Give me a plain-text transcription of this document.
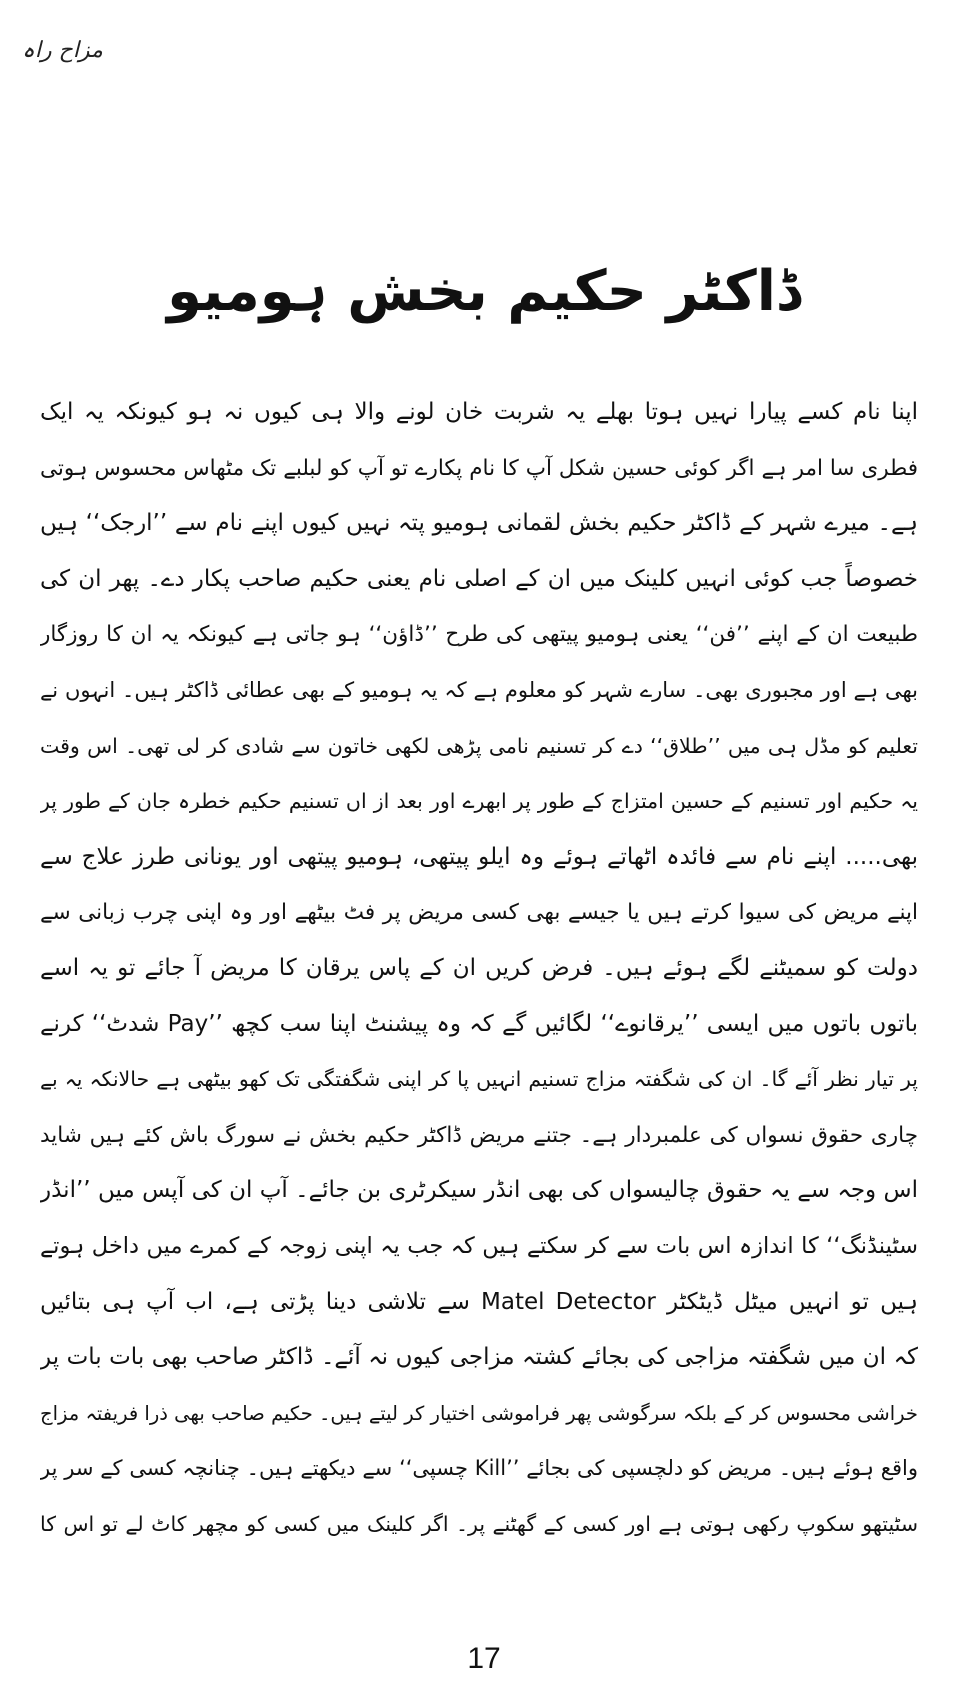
مزاح راہ
ڈاکٹر حکیم بخش ہومیو
اپنا نام کسے پیارا نہیں ہوتا بھلے یہ شربت خان لونے والا ہی کیوں نہ ہو کیونکہ یہ ایک
فطری سا امر ہے اگر کوئی حسین شکل آپ کا نام پکارے تو آپ کو لبلبے تک مٹھاس محسوس ہوتی
ہے۔ میرے شہر کے ڈاکٹر حکیم بخش لقمانی ہومیو پتہ نہیں کیوں اپنے نام سے ’’ارجک‘‘ ہیں
خصوصاً جب کوئی انہیں کلینک میں ان کے اصلی نام یعنی حکیم صاحب پکار دے۔ پھر ان کی
طبیعت ان کے اپنے ’’فن‘‘ یعنی ہومیو پیتھی کی طرح ’’ڈاؤن‘‘ ہو جاتی ہے کیونکہ یہ ان کا روزگار
بھی ہے اور مجبوری بھی۔ سارے شہر کو معلوم ہے کہ یہ ہومیو کے بھی عطائی ڈاکٹر ہیں۔ انہوں نے
تعلیم کو مڈل ہی میں ’’طلاق‘‘ دے کر تسنیم نامی پڑھی لکھی خاتون سے شادی کر لی تھی۔ اس وقت
یہ حکیم اور تسنیم کے حسین امتزاج کے طور پر ابھرے اور بعد از اں تسنیم حکیم خطرہ جان کے طور پر
بھی..... اپنے نام سے فائدہ اٹھاتے ہوئے وہ ایلو پیتھی، ہومیو پیتھی اور یونانی طرز علاج سے
اپنے مریض کی سیوا کرتے ہیں یا جیسے بھی کسی مریض پر فٹ بیٹھے اور وہ اپنی چرب زبانی سے
دولت کو سمیٹنے لگے ہوئے ہیں۔ فرض کریں ان کے پاس یرقان کا مریض آ جائے تو یہ اسے
باتوں باتوں میں ایسی ’’یرقانوے‘‘ لگائیں گے کہ وہ پیشنٹ اپنا سب کچھ ’’Pay شدٹ‘‘ کرنے
پر تیار نظر آئے گا۔ ان کی شگفتہ مزاج تسنیم انہیں پا کر اپنی شگفتگی تک کھو بیٹھی ہے حالانکہ یہ بے
چاری حقوق نسواں کی علمبردار ہے۔ جتنے مریض ڈاکٹر حکیم بخش نے سورگ باش کئے ہیں شاید
اس وجہ سے یہ حقوق چالیسواں کی بھی انڈر سیکرٹری بن جائے۔ آپ ان کی آپس میں ’’انڈر
سٹینڈنگ‘‘ کا اندازہ اس بات سے کر سکتے ہیں کہ جب یہ اپنی زوجہ کے کمرے میں داخل ہوتے
ہیں تو انہیں میٹل ڈیٹکٹر Matel Detector سے تلاشی دینا پڑتی ہے، اب آپ ہی بتائیں
کہ ان میں شگفتہ مزاجی کی بجائے کشتہ مزاجی کیوں نہ آئے۔ ڈاکٹر صاحب بھی بات بات پر
خراشی محسوس کر کے بلکہ سرگوشی پھر فراموشی اختیار کر لیتے ہیں۔ حکیم صاحب بھی ذرا فریفتہ مزاج
واقع ہوئے ہیں۔ مریض کو دلچسپی کی بجائے ’’Kill چسپی‘‘ سے دیکھتے ہیں۔ چنانچہ کسی کے سر پر
سٹیتھو سکوپ رکھی ہوتی ہے اور کسی کے گھٹنے پر۔ اگر کلینک میں کسی کو مچھر کاٹ لے تو اس کا
17
